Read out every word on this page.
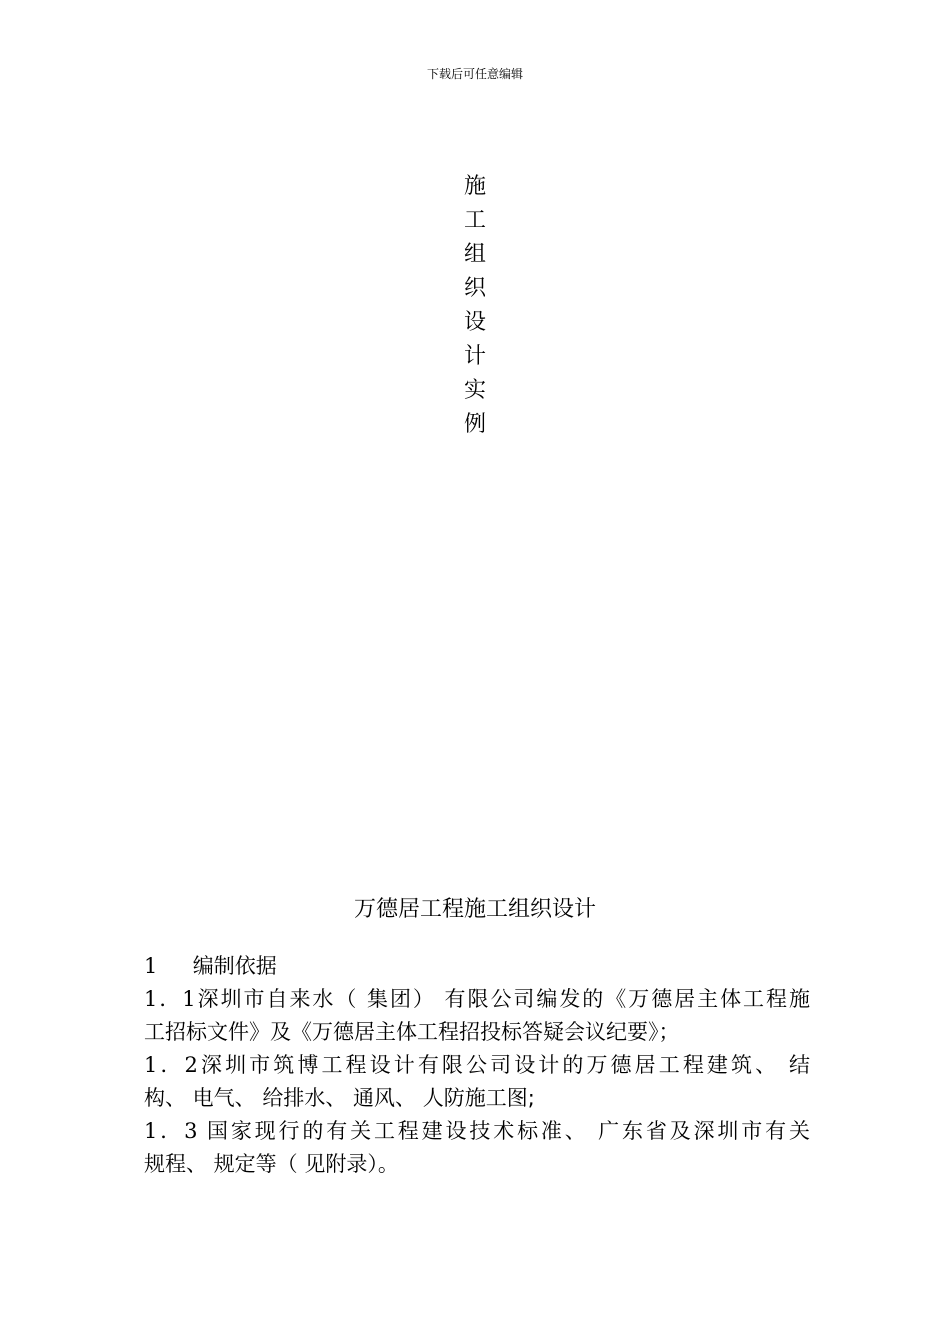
下载后可任意编辑
施
工
组
织
设
计
实
例
万德居工程施工组织设计
1 编制依据
1．1深圳市自来水（ 集团） 有限公司编发的《万德居主体工程施
工招标文件》及《万德居主体工程招投标答疑会议纪要》；
1．2深圳市筑博工程设计有限公司设计的万德居工程建筑、 结
构、 电气、 给排水、 通风、 人防施工图;
1．3 国家现行的有关工程建设技术标准、 广东省及深圳市有关
规程、 规定等（ 见附录）。
